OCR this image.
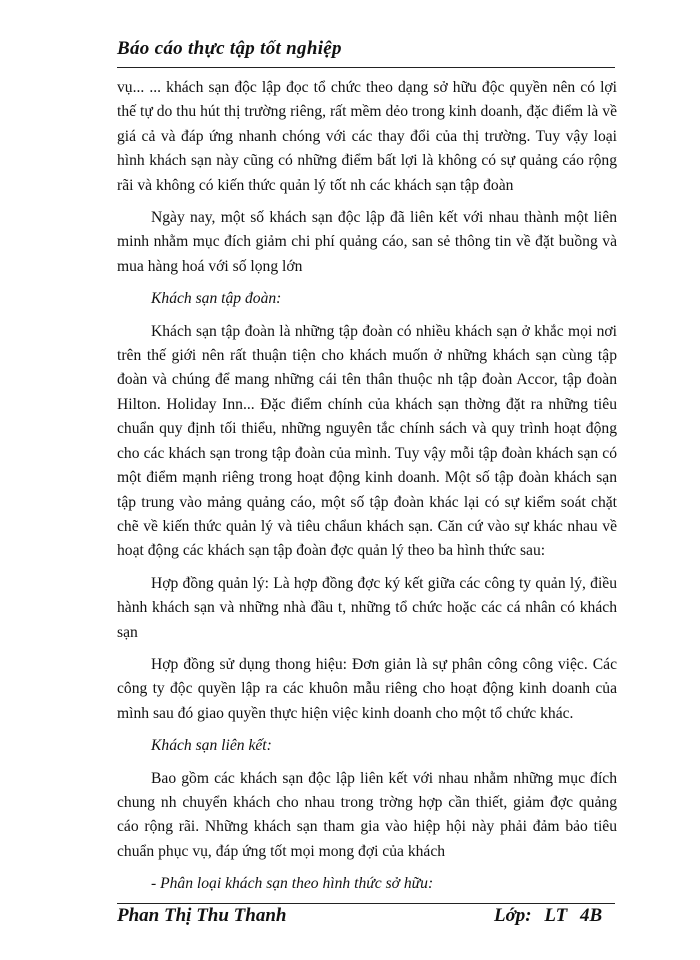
Báo cáo thực tập tốt nghiệp

vụ... ... khách sạn độc lập đọc tổ chức theo dạng sở hữu độc quyền nên có lợi thế tự do thu hút thị trường riêng, rất mềm dẻo trong kinh doanh, đặc điểm là về giá cả và đáp ứng nhanh chóng với các thay đổi của thị trường. Tuy vậy loại hình khách sạn này cũng có những điểm bất lợi là không có sự quảng cáo rộng rãi và không có kiến thức quản lý tốt nh các khách sạn tập đoàn

Ngày nay, một số khách sạn độc lập đã liên kết với nhau thành một liên minh nhằm mục đích giảm chi phí quảng cáo, san sẻ thông tin về đặt buồng và mua hàng hoá với số lọng lớn

Khách sạn tập đoàn:

Khách sạn tập đoàn là những tập đoàn có nhiều khách sạn ở khắc mọi nơi trên thế giới nên rất thuận tiện cho khách muốn ở những khách sạn cùng tập đoàn và chúng để mang những cái tên thân thuộc nh tập đoàn Accor, tập đoàn Hilton. Holiday Inn... Đặc điểm chính của khách sạn thờng đặt ra những tiêu chuẩn quy định tối thiểu, những nguyên tắc chính sách và quy trình hoạt động cho các khách sạn trong tập đoàn của mình. Tuy vậy mỗi tập đoàn khách sạn có một điểm mạnh riêng trong hoạt động kinh doanh. Một số tập đoàn khách sạn tập trung vào mảng quảng cáo, một số tập đoàn khác lại có sự kiểm soát chặt chẽ về kiến thức quản lý và tiêu chẩun khách sạn. Căn cứ vào sự khác nhau về hoạt động các khách sạn tập đoàn đợc quản lý theo ba hình thức sau:

Hợp đồng quản lý: Là hợp đồng đợc ký kết giữa các công ty quản lý, điều hành khách sạn và những nhà đầu t, những tổ chức hoặc các cá nhân có khách sạn

Hợp đồng sử dụng thong hiệu: Đơn giản là sự phân công công việc. Các công ty độc quyền lập ra các khuôn mẫu riêng cho hoạt động kinh doanh của mình sau đó giao quyền thực hiện việc kinh doanh cho một tổ chức khác.

Khách sạn liên kết:

Bao gồm các khách sạn độc lập liên kết với nhau nhằm những mục đích chung nh chuyển khách cho nhau trong trờng hợp cần thiết, giảm đợc quảng cáo rộng rãi. Những khách sạn tham gia vào hiệp hội này phải đảm bảo tiêu chuẩn phục vụ, đáp ứng tốt mọi mong đợi của khách

- Phân loại khách sạn theo hình thức sở hữu:

Phan Thị Thu Thanh	Lớp: LT 4B
